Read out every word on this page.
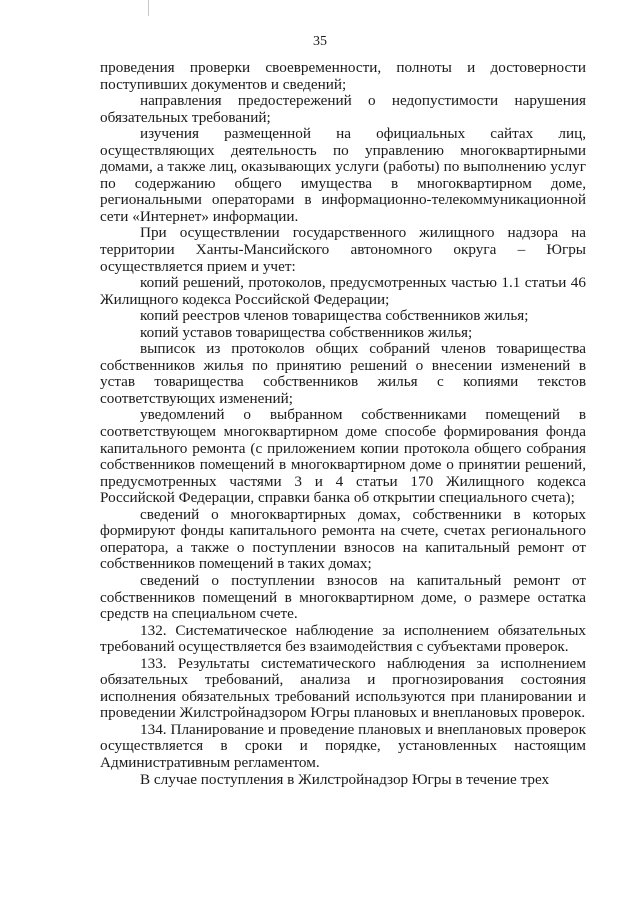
35

проведения проверки своевременности, полноты и достоверности поступивших документов и сведений;

направления предостережений о недопустимости нарушения обязательных требований;

изучения размещенной на официальных сайтах лиц, осуществляющих деятельность по управлению многоквартирными домами, а также лиц, оказывающих услуги (работы) по выполнению услуг по содержанию общего имущества в многоквартирном доме, региональными операторами в информационно-телекоммуникационной сети «Интернет» информации.

При осуществлении государственного жилищного надзора на территории Ханты-Мансийского автономного округа – Югры осуществляется прием и учет:

копий решений, протоколов, предусмотренных частью 1.1 статьи 46 Жилищного кодекса Российской Федерации;

копий реестров членов товарищества собственников жилья;

копий уставов товарищества собственников жилья;

выписок из протоколов общих собраний членов товарищества собственников жилья по принятию решений о внесении изменений в устав товарищества собственников жилья с копиями текстов соответствующих изменений;

уведомлений о выбранном собственниками помещений в соответствующем многоквартирном доме способе формирования фонда капитального ремонта (с приложением копии протокола общего собрания собственников помещений в многоквартирном доме о принятии решений, предусмотренных частями 3 и 4 статьи 170 Жилищного кодекса Российской Федерации, справки банка об открытии специального счета);

сведений о многоквартирных домах, собственники в которых формируют фонды капитального ремонта на счете, счетах регионального оператора, а также о поступлении взносов на капитальный ремонт от собственников помещений в таких домах;

сведений о поступлении взносов на капитальный ремонт от собственников помещений в многоквартирном доме, о размере остатка средств на специальном счете.

132. Систематическое наблюдение за исполнением обязательных требований осуществляется без взаимодействия с субъектами проверок.

133. Результаты систематического наблюдения за исполнением обязательных требований, анализа и прогнозирования состояния исполнения обязательных требований используются при планировании и проведении Жилстройнадзором Югры плановых и внеплановых проверок.

134. Планирование и проведение плановых и внеплановых проверок осуществляется в сроки и порядке, установленных настоящим Административным регламентом.

В случае поступления в Жилстройнадзор Югры в течение трех
